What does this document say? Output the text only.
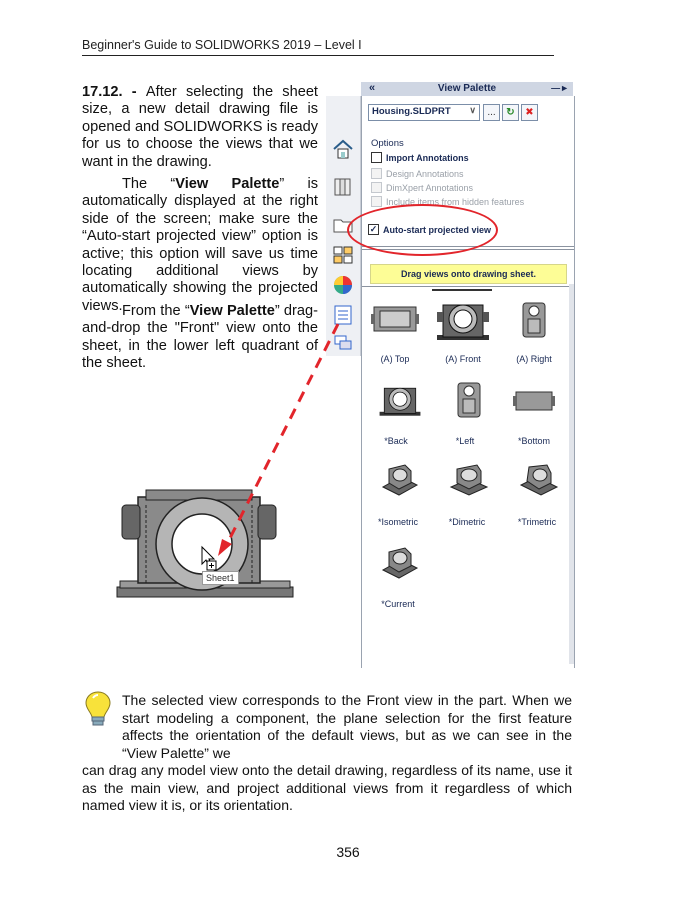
Beginner's Guide to SOLIDWORKS 2019 – Level I
17.12. - After selecting the sheet size, a new detail drawing file is opened and SOLIDWORKS is ready for us to choose the views that we want in the drawing.
The “View Palette” is automatically displayed at the right side of the screen; make sure the “Auto-start projected view” option is active; this option will save us time locating additional views by automatically showing the projected views. From the “View Palette” drag-and-drop the "Front" view onto the sheet, in the lower left quadrant of the sheet.
«	View Palette	—►
Housing.SLDPRT ∨	...	↻	✖
Options
Import Annotations
Design Annotations
DimXpert Annotations
Include items from hidden features
✓ Auto-start projected view
Drag views onto drawing sheet.
(A) Top	(A) Front	(A) Right
*Back	*Left	*Bottom
*Isometric	*Dimetric	*Trimetric
*Current
Sheet1
The selected view corresponds to the Front view in the part. When we start modeling a component, the plane selection for the first feature affects the orientation of the default views, but as we can see in the “View Palette” we
can drag any model view onto the detail drawing, regardless of its name, use it as the main view, and project additional views from it regardless of which named view it is, or its orientation.
356
